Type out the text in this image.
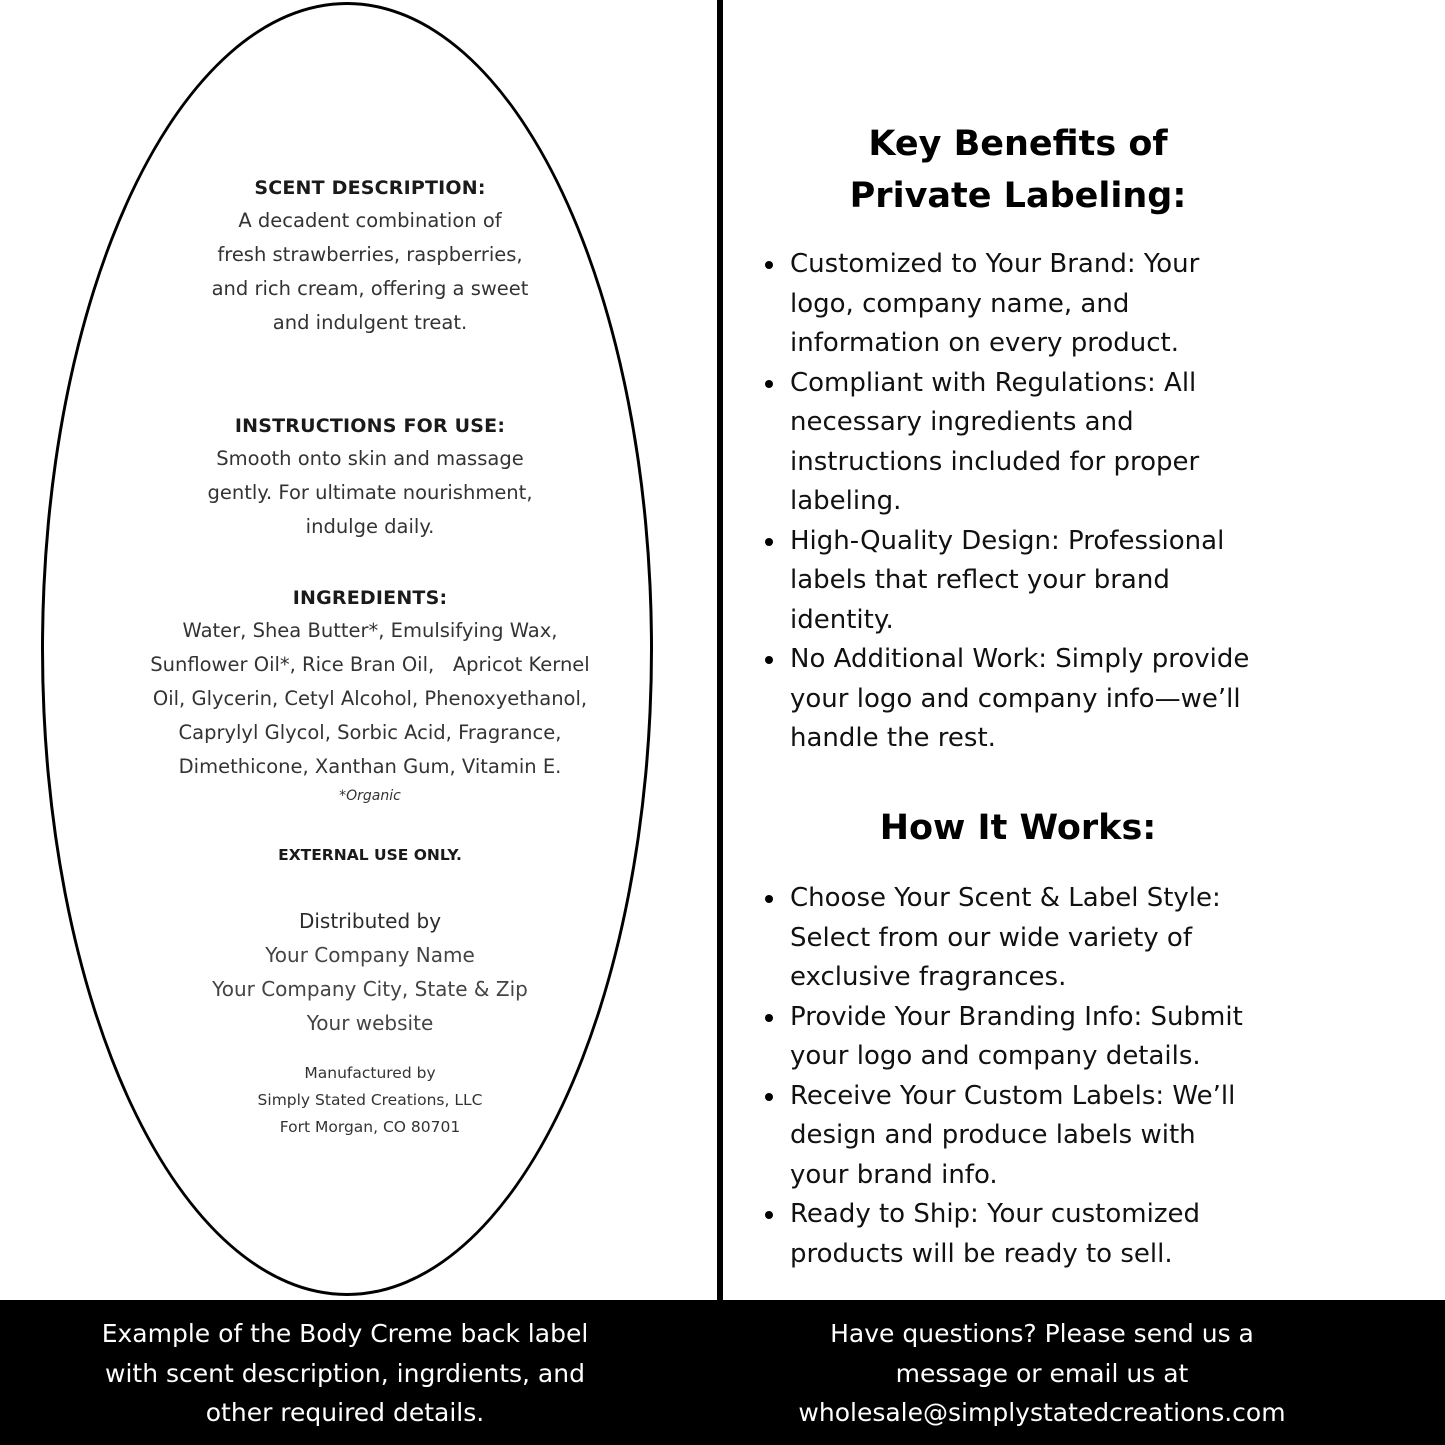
SCENT DESCRIPTION:
A decadent combination of
fresh strawberries, raspberries,
and rich cream, offering a sweet
and indulgent treat.
INSTRUCTIONS FOR USE:
Smooth onto skin and massage
gently. For ultimate nourishment,
indulge daily.
INGREDIENTS:
Water, Shea Butter*, Emulsifying Wax,
Sunflower Oil*, Rice Bran Oil,   Apricot Kernel
Oil, Glycerin, Cetyl Alcohol, Phenoxyethanol,
Caprylyl Glycol, Sorbic Acid, Fragrance,
Dimethicone, Xanthan Gum, Vitamin E.
*Organic
EXTERNAL USE ONLY.
Distributed by
Your Company Name
Your Company City, State & Zip
Your website
Manufactured by
Simply Stated Creations, LLC
Fort Morgan, CO 80701
Key Benefits of
Private Labeling:
Customized to Your Brand: Your
logo, company name, and
information on every product.
Compliant with Regulations: All
necessary ingredients and
instructions included for proper
labeling.
High-Quality Design: Professional
labels that reflect your brand
identity.
No Additional Work: Simply provide
your logo and company info—we’ll
handle the rest.
How It Works:
Choose Your Scent & Label Style:
Select from our wide variety of
exclusive fragrances.
Provide Your Branding Info: Submit
your logo and company details.
Receive Your Custom Labels: We’ll
design and produce labels with
your brand info.
Ready to Ship: Your customized
products will be ready to sell.
Example of the Body Creme back label
with scent description, ingrdients, and
other required details.
Have questions? Please send us a
message or email us at
wholesale@simplystatedcreations.com
